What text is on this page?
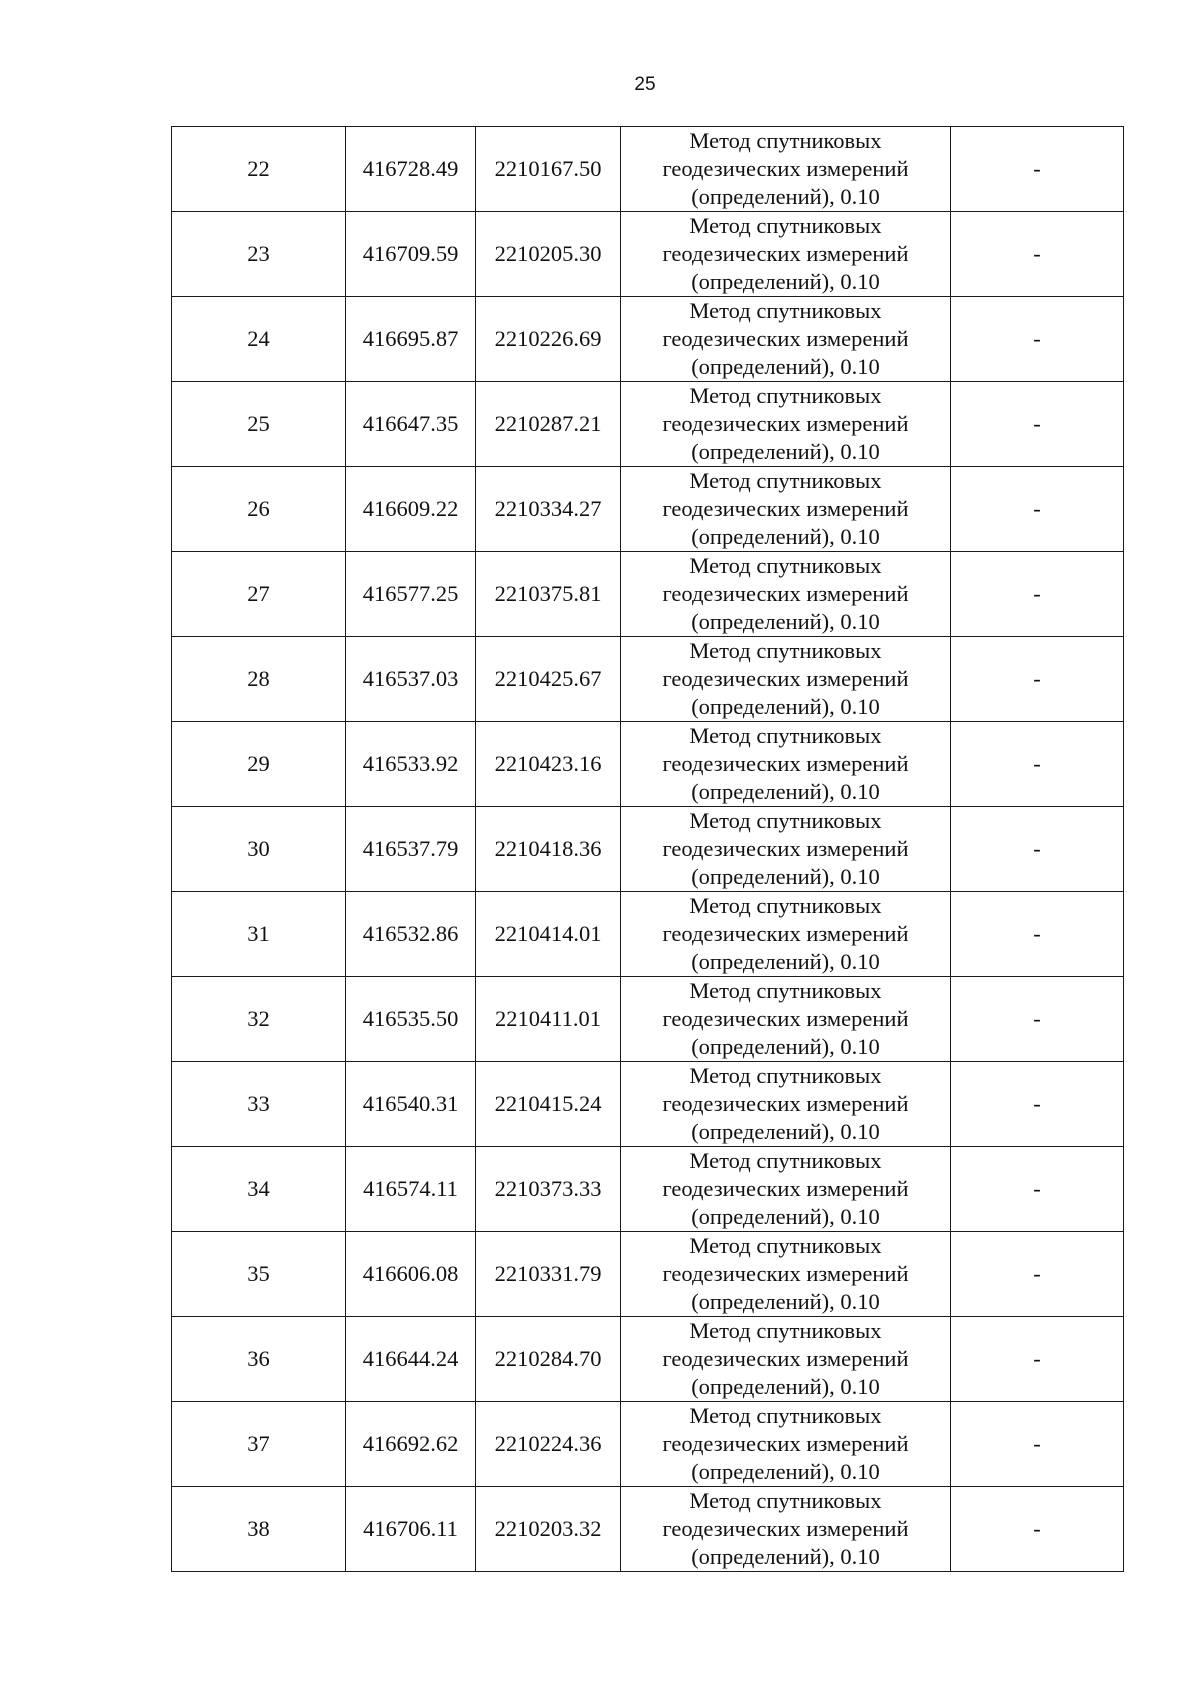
25
22	416728.49	2210167.50	Метод спутниковых геодезических измерений (определений), 0.10	-
23	416709.59	2210205.30	Метод спутниковых геодезических измерений (определений), 0.10	-
24	416695.87	2210226.69	Метод спутниковых геодезических измерений (определений), 0.10	-
25	416647.35	2210287.21	Метод спутниковых геодезических измерений (определений), 0.10	-
26	416609.22	2210334.27	Метод спутниковых геодезических измерений (определений), 0.10	-
27	416577.25	2210375.81	Метод спутниковых геодезических измерений (определений), 0.10	-
28	416537.03	2210425.67	Метод спутниковых геодезических измерений (определений), 0.10	-
29	416533.92	2210423.16	Метод спутниковых геодезических измерений (определений), 0.10	-
30	416537.79	2210418.36	Метод спутниковых геодезических измерений (определений), 0.10	-
31	416532.86	2210414.01	Метод спутниковых геодезических измерений (определений), 0.10	-
32	416535.50	2210411.01	Метод спутниковых геодезических измерений (определений), 0.10	-
33	416540.31	2210415.24	Метод спутниковых геодезических измерений (определений), 0.10	-
34	416574.11	2210373.33	Метод спутниковых геодезических измерений (определений), 0.10	-
35	416606.08	2210331.79	Метод спутниковых геодезических измерений (определений), 0.10	-
36	416644.24	2210284.70	Метод спутниковых геодезических измерений (определений), 0.10	-
37	416692.62	2210224.36	Метод спутниковых геодезических измерений (определений), 0.10	-
38	416706.11	2210203.32	Метод спутниковых геодезических измерений (определений), 0.10	-
